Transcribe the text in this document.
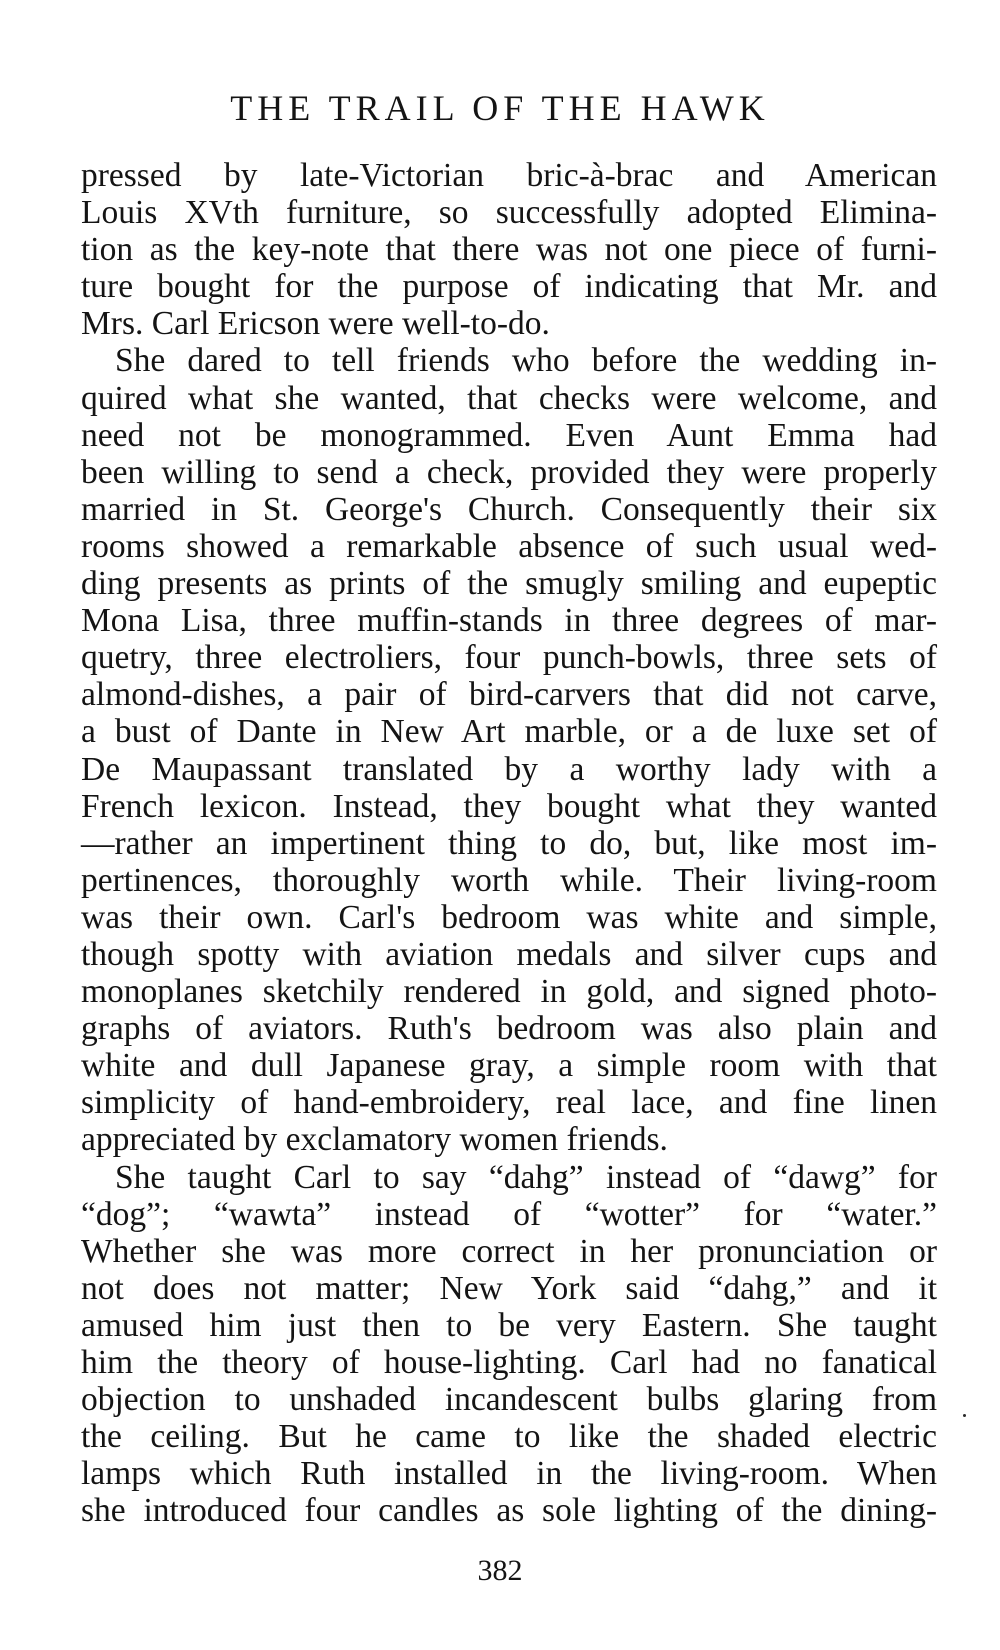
THE TRAIL OF THE HAWK
pressed by late-Victorian bric-à-brac and American
Louis XVth furniture, so successfully adopted Elimina-
tion as the key-note that there was not one piece of furni-
ture bought for the purpose of indicating that Mr. and
Mrs. Carl Ericson were well-to-do.
She dared to tell friends who before the wedding in-
quired what she wanted, that checks were welcome, and
need not be monogrammed. Even Aunt Emma had
been willing to send a check, provided they were properly
married in St. George's Church. Consequently their six
rooms showed a remarkable absence of such usual wed-
ding presents as prints of the smugly smiling and eupeptic
Mona Lisa, three muffin-stands in three degrees of mar-
quetry, three electroliers, four punch-bowls, three sets of
almond-dishes, a pair of bird-carvers that did not carve,
a bust of Dante in New Art marble, or a de luxe set of
De Maupassant translated by a worthy lady with a
French lexicon. Instead, they bought what they wanted
—rather an impertinent thing to do, but, like most im-
pertinences, thoroughly worth while. Their living-room
was their own. Carl's bedroom was white and simple,
though spotty with aviation medals and silver cups and
monoplanes sketchily rendered in gold, and signed photo-
graphs of aviators. Ruth's bedroom was also plain and
white and dull Japanese gray, a simple room with that
simplicity of hand-embroidery, real lace, and fine linen
appreciated by exclamatory women friends.
She taught Carl to say “dahg” instead of “dawg” for
“dog”; “wawta” instead of “wotter” for “water.”
Whether she was more correct in her pronunciation or
not does not matter; New York said “dahg,” and it
amused him just then to be very Eastern. She taught
him the theory of house-lighting. Carl had no fanatical
objection to unshaded incandescent bulbs glaring from
the ceiling. But he came to like the shaded electric
lamps which Ruth installed in the living-room. When
she introduced four candles as sole lighting of the dining-
382
